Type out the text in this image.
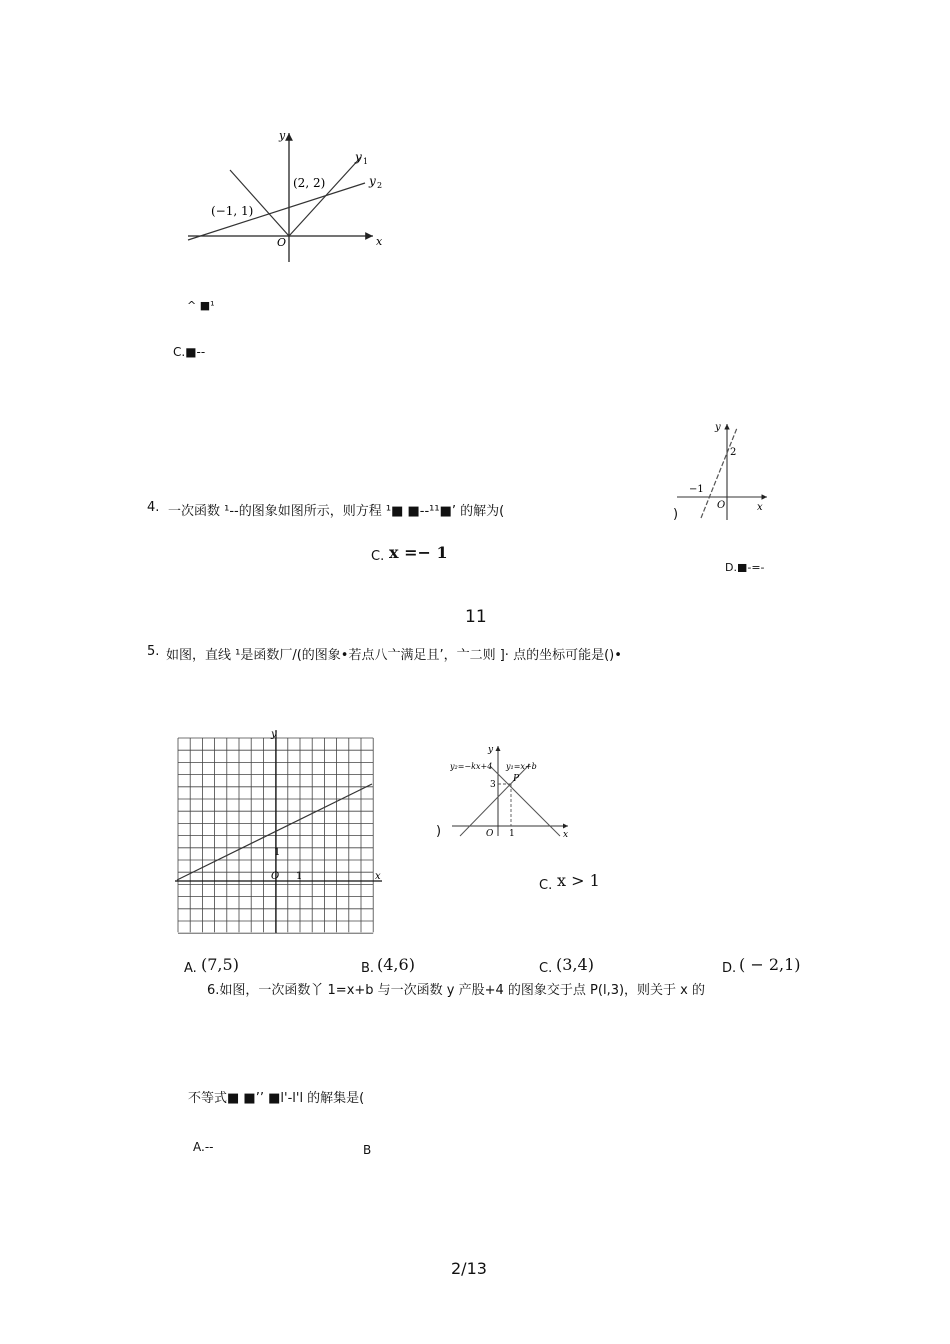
x
y
O
y 1
y 2
(−1, 1)
(2, 2)
^ ■¹
C.■--
4. 一次函数 ¹--的图象如图所示，则方程 ¹■ ■--¹¹■’ 的解为(	)	x
y
O
2
−1
C. x =− 1
D.■-=-
11
5. 如图，直线 ¹是函数厂/(的图象•若点八亠满足且’，亠二则 ]· 点的坐标可能是()•
x
y
O 1
1
)	x
y
O
y₂=−kx+4 y₁=x+b
3
1
P
C. x > 1
A. (7,5)	B. (4,6)	C. (3,4)	D. ( − 2,1)
6.如图，一次函数丫 1=x+b 与一次函数 y 产股+4 的图象交于点 P(l,3)，则关于 x 的
不等式■ ■’’ ■l'-l'l 的解集是(
A.--	B
2/13
